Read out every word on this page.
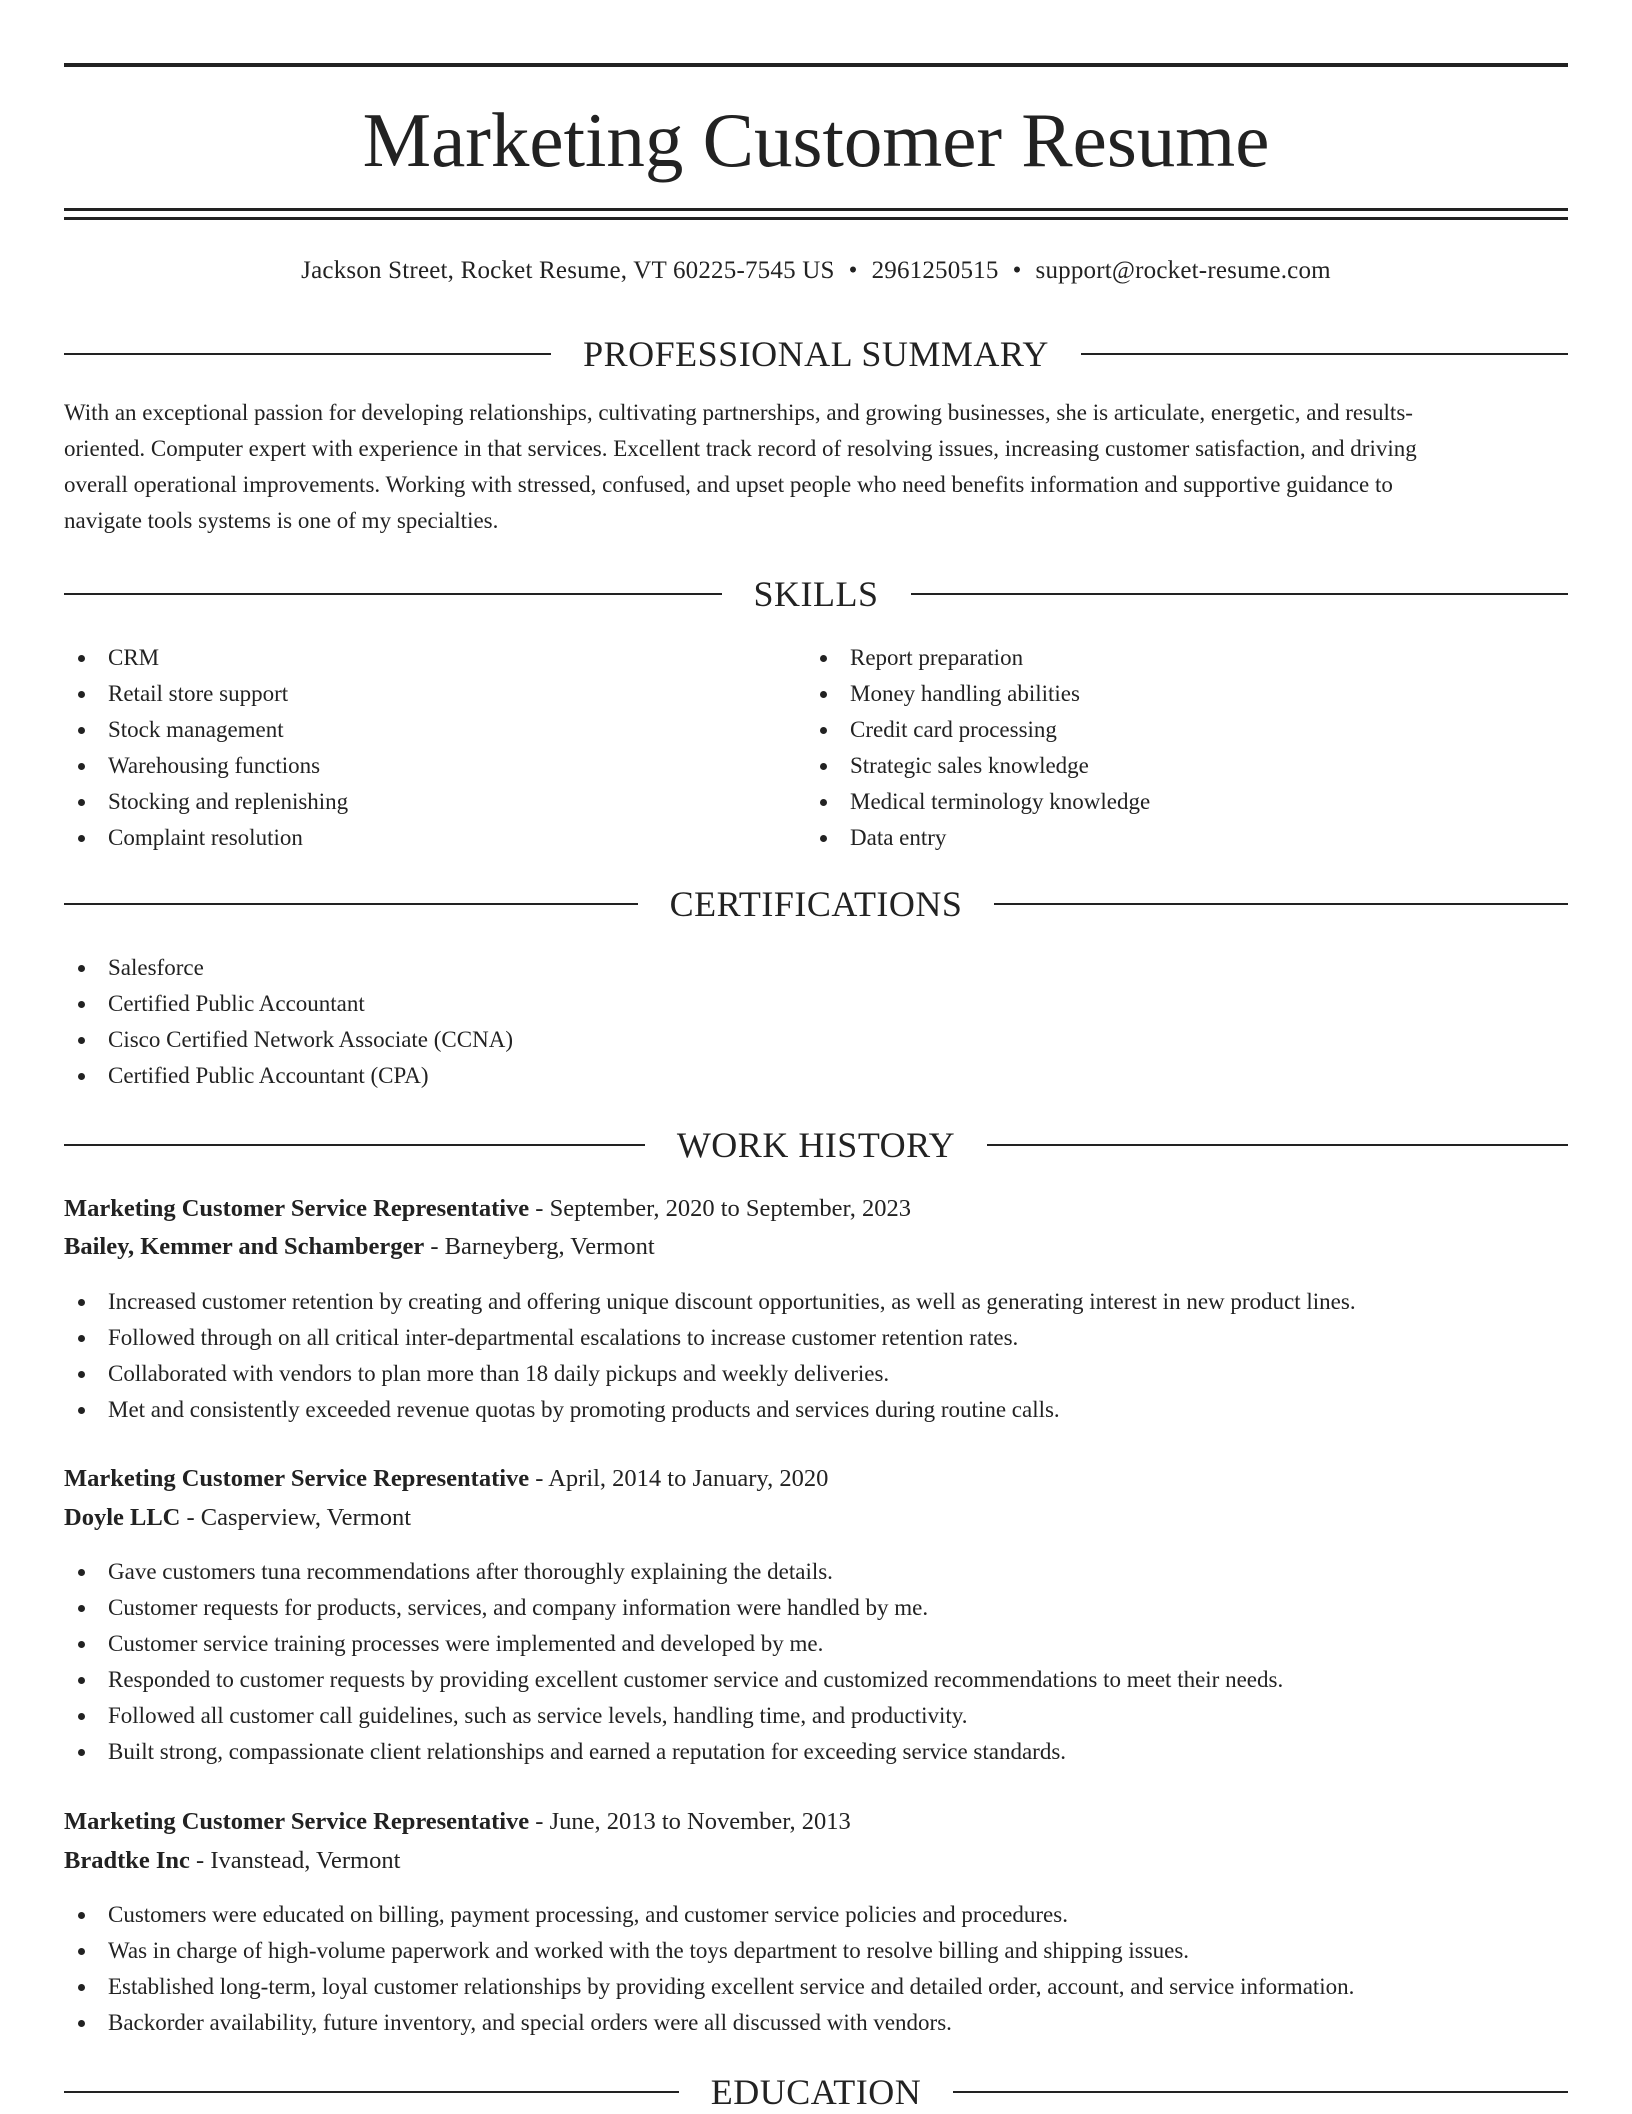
Marketing Customer Resume
Jackson Street, Rocket Resume, VT 60225-7545 US • 2961250515 • support@rocket-resume.com
PROFESSIONAL SUMMARY
With an exceptional passion for developing relationships, cultivating partnerships, and growing businesses, she is articulate, energetic, and results-
oriented. Computer expert with experience in that services. Excellent track record of resolving issues, increasing customer satisfaction, and driving
overall operational improvements. Working with stressed, confused, and upset people who need benefits information and supportive guidance to
navigate tools systems is one of my specialties.
SKILLS
CRM
Retail store support
Stock management
Warehousing functions
Stocking and replenishing
Complaint resolution
Report preparation
Money handling abilities
Credit card processing
Strategic sales knowledge
Medical terminology knowledge
Data entry
CERTIFICATIONS
Salesforce
Certified Public Accountant
Cisco Certified Network Associate (CCNA)
Certified Public Accountant (CPA)
WORK HISTORY
Marketing Customer Service Representative - September, 2020 to September, 2023
Bailey, Kemmer and Schamberger - Barneyberg, Vermont
Increased customer retention by creating and offering unique discount opportunities, as well as generating interest in new product lines.
Followed through on all critical inter-departmental escalations to increase customer retention rates.
Collaborated with vendors to plan more than 18 daily pickups and weekly deliveries.
Met and consistently exceeded revenue quotas by promoting products and services during routine calls.
Marketing Customer Service Representative - April, 2014 to January, 2020
Doyle LLC - Casperview, Vermont
Gave customers tuna recommendations after thoroughly explaining the details.
Customer requests for products, services, and company information were handled by me.
Customer service training processes were implemented and developed by me.
Responded to customer requests by providing excellent customer service and customized recommendations to meet their needs.
Followed all customer call guidelines, such as service levels, handling time, and productivity.
Built strong, compassionate client relationships and earned a reputation for exceeding service standards.
Marketing Customer Service Representative - June, 2013 to November, 2013
Bradtke Inc - Ivanstead, Vermont
Customers were educated on billing, payment processing, and customer service policies and procedures.
Was in charge of high-volume paperwork and worked with the toys department to resolve billing and shipping issues.
Established long-term, loyal customer relationships by providing excellent service and detailed order, account, and service information.
Backorder availability, future inventory, and special orders were all discussed with vendors.
EDUCATION
